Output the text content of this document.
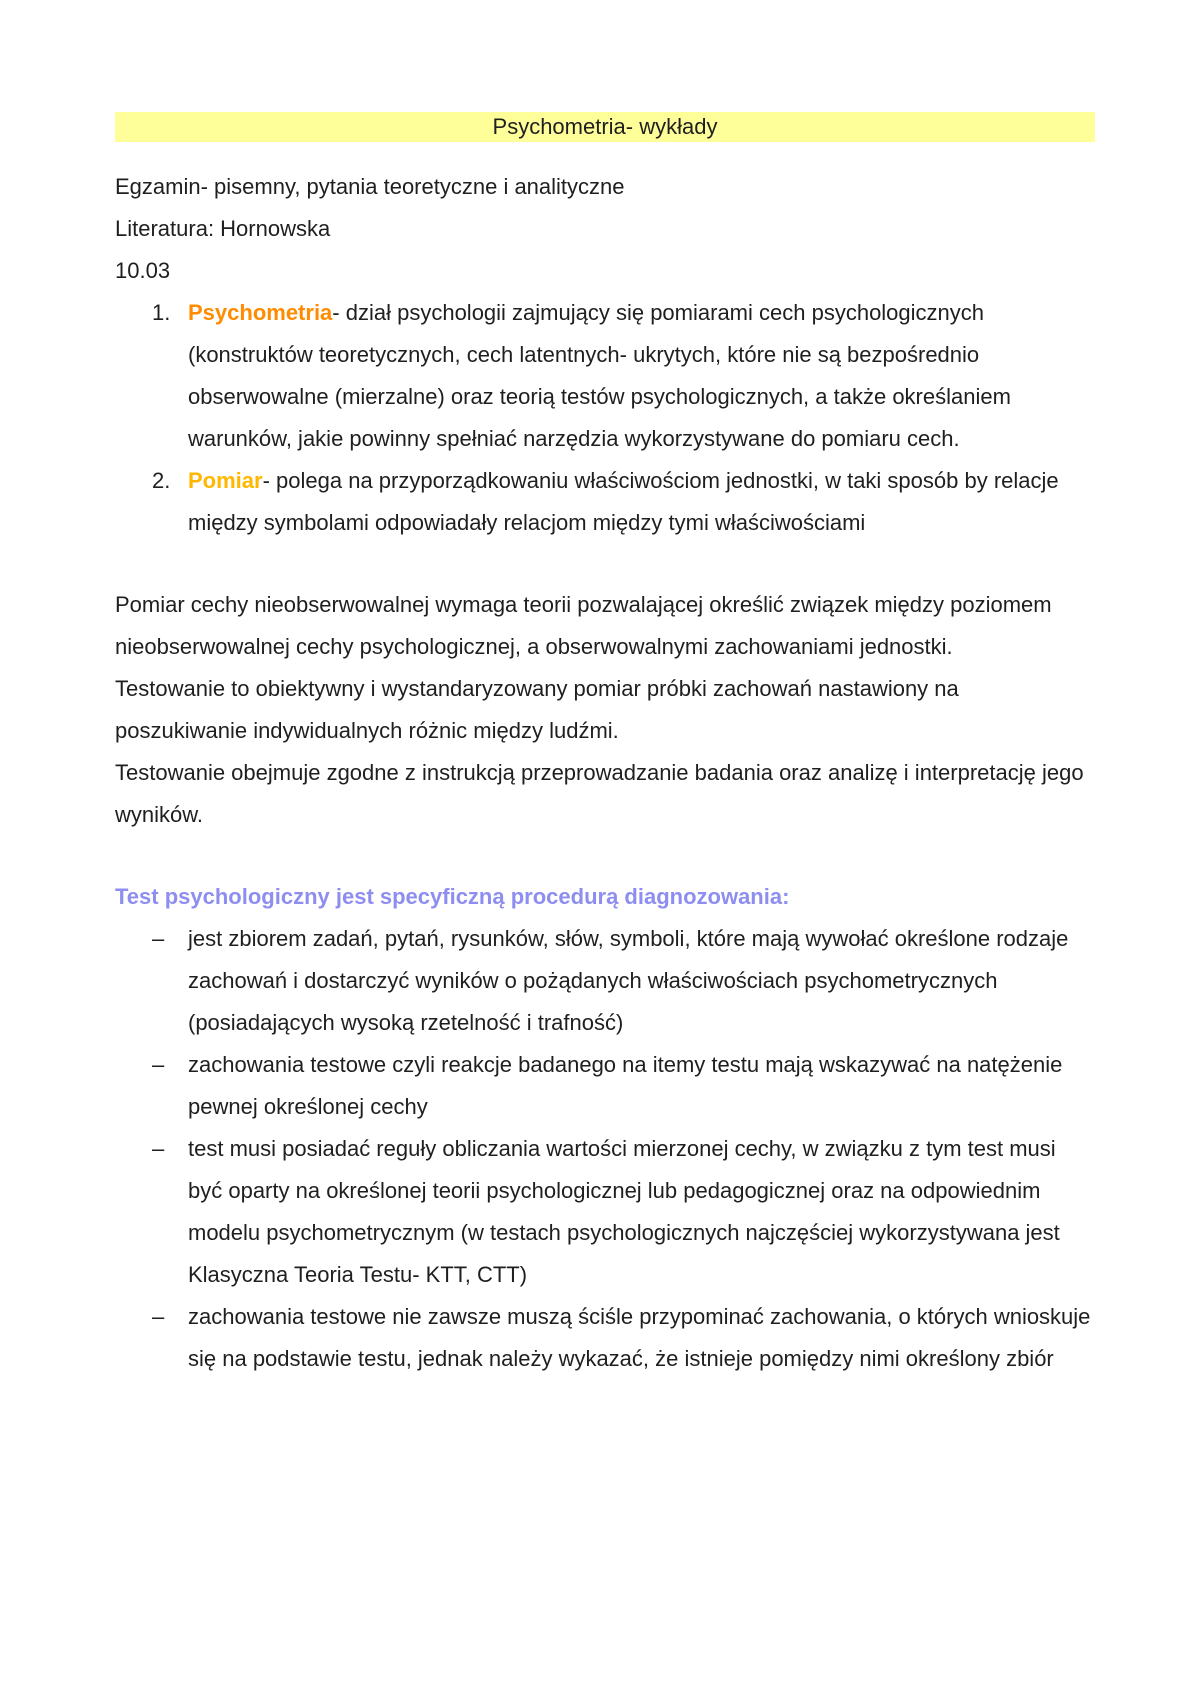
Psychometria- wykłady

Egzamin- pisemny, pytania teoretyczne i analityczne

Literatura: Hornowska

10.03

1. Psychometria- dział psychologii zajmujący się pomiarami cech psychologicznych (konstruktów teoretycznych, cech latentnych- ukrytych, które nie są bezpośrednio obserwowalne (mierzalne) oraz teorią testów psychologicznych, a także określaniem warunków, jakie powinny spełniać narzędzia wykorzystywane do pomiaru cech.
2. Pomiar- polega na przyporządkowaniu właściwościom jednostki, w taki sposób by relacje między symbolami odpowiadały relacjom między tymi właściwościami

Pomiar cechy nieobserwowalnej wymaga teorii pozwalającej określić związek między poziomem nieobserwowalnej cechy psychologicznej, a obserwowalnymi zachowaniami jednostki.

Testowanie to obiektywny i wystandaryzowany pomiar próbki zachowań nastawiony na poszukiwanie indywidualnych różnic między ludźmi.

Testowanie obejmuje zgodne z instrukcją przeprowadzanie badania oraz analizę i interpretację jego wyników.

Test psychologiczny jest specyficzną procedurą diagnozowania:

– jest zbiorem zadań, pytań, rysunków, słów, symboli, które mają wywołać określone rodzaje zachowań i dostarczyć wyników o pożądanych właściwościach psychometrycznych (posiadających wysoką rzetelność i trafność)
– zachowania testowe czyli reakcje badanego na itemy testu mają wskazywać na natężenie pewnej określonej cechy
– test musi posiadać reguły obliczania wartości mierzonej cechy, w związku z tym test musi być oparty na określonej teorii psychologicznej lub pedagogicznej oraz na odpowiednim modelu psychometrycznym (w testach psychologicznych najczęściej wykorzystywana jest Klasyczna Teoria Testu- KTT, CTT)
– zachowania testowe nie zawsze muszą ściśle przypominać zachowania, o których wnioskuje się na podstawie testu, jednak należy wykazać, że istnieje pomiędzy nimi określony zbiór
